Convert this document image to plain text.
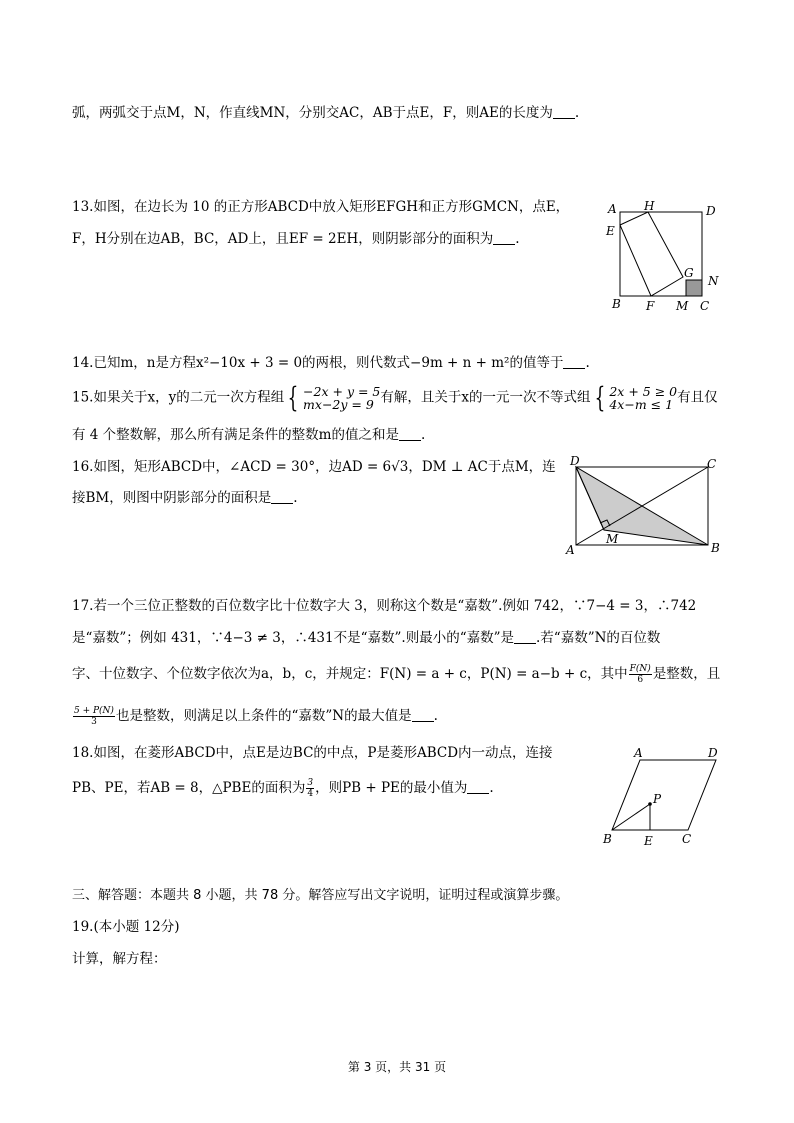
弧，两弧交于点M，N，作直线MN，分别交AC，AB于点E，F，则AE的长度为 .
13.如图，在边长为 10 的正方形ABCD中放入矩形EFGH和正方形GMCN，点E，
F，H分别在边AB，BC，AD上，且EF = 2EH，则阴影部分的面积为 .
A H	D
E
G
N
B F M C
14.已知m，n是方程x²−10x + 3 = 0的两根，则代数式−9m + n + m²的值等于 .
15.如果关于x，y的二元一次方程组 { −2x + y = 5
mx−2y = 9 有解，且关于x的一元一次不等式组 { 2x + 5 ≥ 0
4x−m ≤ 1 有且仅
有 4 个整数解，那么所有满足条件的整数m的值之和是 .
16.如图，矩形ABCD中，∠ACD = 30°，边AD = 6√3，DM ⊥ AC于点M，连
接BM，则图中阴影部分的面积是 .
D	C
M
A	B
17.若一个三位正整数的百位数字比十位数字大 3，则称这个数是“嘉数”.例如 742，∵7−4 = 3，∴742
是“嘉数”；例如 431，∵4−3 ≠ 3，∴431不是“嘉数”.则最小的“嘉数”是 .若“嘉数”N的百位数
字、十位数字、个位数字依次为a，b，c，并规定：F(N) = a + c，P(N) = a−b + c，其中 $\frac{F(N)}{6}$ 是整数，且
$\frac{5 + P(N)}{3}$ 也是整数，则满足以上条件的“嘉数”N的最大值是 .
18.如图，在菱形ABCD中，点E是边BC的中点，P是菱形ABCD内一动点，连接
PB、PE，若AB = 8，△PBE的面积为 $\frac{3}{4}$ ，则PB + PE的最小值为 .
A	D
P
B	E C
三、解答题：本题共 8 小题，共 78 分。解答应写出文字说明，证明过程或演算步骤。
19.(本小题 12分)
计算，解方程：
第 3 页，共 31 页
